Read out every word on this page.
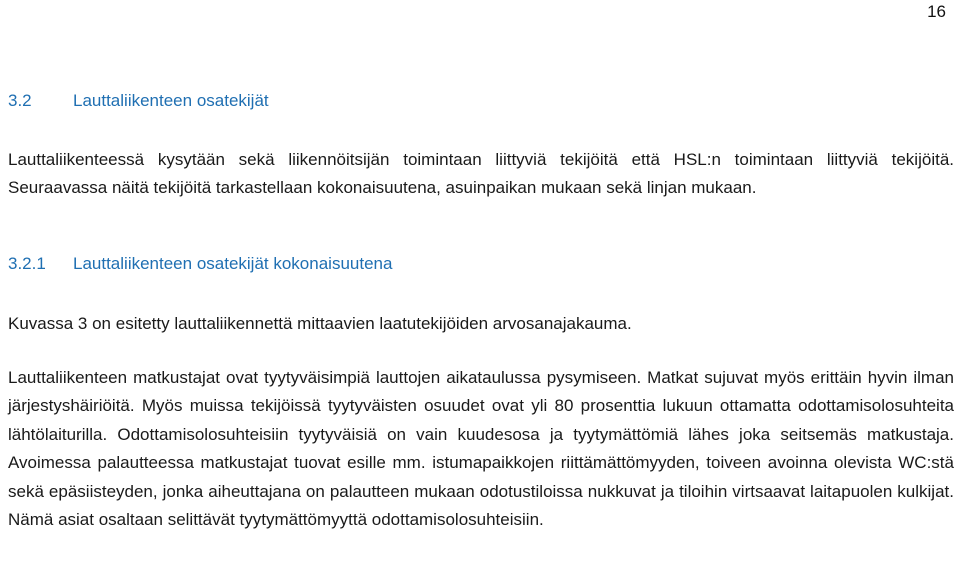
16
3.2 Lauttaliikenteen osatekijät

Lauttaliikenteessä kysytään sekä liikennöitsijän toimintaan liittyviä tekijöitä että HSL:n toimintaan liittyviä tekijöitä. Seuraavassa näitä tekijöitä tarkastellaan kokonaisuutena, asuinpaikan mukaan sekä linjan mukaan.

3.2.1 Lauttaliikenteen osatekijät kokonaisuutena

Kuvassa 3 on esitetty lauttaliikennettä mittaavien laatutekijöiden arvosanajakauma.

Lauttaliikenteen matkustajat ovat tyytyväisimpiä lauttojen aikataulussa pysymiseen. Matkat sujuvat myös erittäin hyvin ilman järjestyshäiriöitä. Myös muissa tekijöissä tyytyväisten osuudet ovat yli 80 prosenttia lukuun ottamatta odottamisolosuhteita lähtölaiturilla. Odottamisolosuhteisiin tyytyväisiä on vain kuudesosa ja tyytymättömiä lähes joka seitsemäs matkustaja. Avoimessa palautteessa matkustajat tuovat esille mm. istumapaikkojen riittämättömyyden, toiveen avoinna olevista WC:stä sekä epäsiisteyden, jonka aiheuttajana on palautteen mukaan odotustiloissa nukkuvat ja tiloihin virtsaavat laitapuolen kulkijat. Nämä asiat osaltaan selittävät tyytymättömyyttä odottamisolosuhteisiin.
